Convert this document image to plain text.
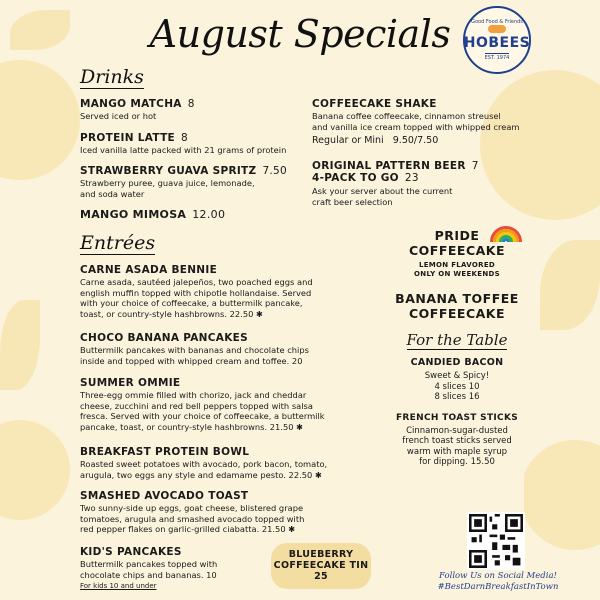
August Specials	Good Food & Friends
HOBEES
EST. 1974
Drinks
MANGO MATCHA 8
Served iced or hot
PROTEIN LATTE 8
Iced vanilla latte packed with 21 grams of protein
STRAWBERRY GUAVA SPRITZ 7.50
Strawberry puree, guava juice, lemonade,
and soda water
MANGO MIMOSA 12.00
COFFEECAKE SHAKE
Banana coffee coffeecake, cinnamon streusel
and vanilla ice cream topped with whipped cream
Regular or Mini 9.50/7.50
ORIGINAL PATTERN BEER 7
4-PACK TO GO 23
Ask your server about the current
craft beer selection
Entrées
CARNE ASADA BENNIE
Carne asada, sautéed jalepeños, two poached eggs and
english muffin topped with chipotle hollandaise. Served
with your choice of coffeecake, a buttermilk pancake,
toast, or country-style hashbrowns. 22.50 ✱
CHOCO BANANA PANCAKES
Buttermilk pancakes with bananas and chocolate chips
inside and topped with whipped cream and toffee. 20
SUMMER OMMIE
Three-egg ommie filled with chorizo, jack and cheddar
cheese, zucchini and red bell peppers topped with salsa
fresca. Served with your choice of coffeecake, a buttermilk
pancake, toast, or country-style hashbrowns. 21.50 ✱
BREAKFAST PROTEIN BOWL
Roasted sweet potatoes with avocado, pork bacon, tomato,
arugula, two eggs any style and edamame pesto. 22.50 ✱
SMASHED AVOCADO TOAST
Two sunny-side up eggs, goat cheese, blistered grape
tomatoes, arugula and smashed avocado topped with
red pepper flakes on garlic-grilled ciabatta. 21.50 ✱
KID'S PANCAKES
Buttermilk pancakes topped with
chocolate chips and bananas. 10
For kids 10 and under
PRIDE
COFFEECAKE
LEMON FLAVORED
ONLY ON WEEKENDS
BANANA TOFFEE
COFFEECAKE
For the Table
CANDIED BACON
Sweet & Spicy!
4 slices 10
8 slices 16
FRENCH TOAST STICKS
Cinnamon-sugar-dusted
french toast sticks served
warm with maple syrup
for dipping. 15.50
BLUEBERRY
COFFEECAKE TIN
25	Follow Us on Social Media!
#BestDarnBreakfastInTown
